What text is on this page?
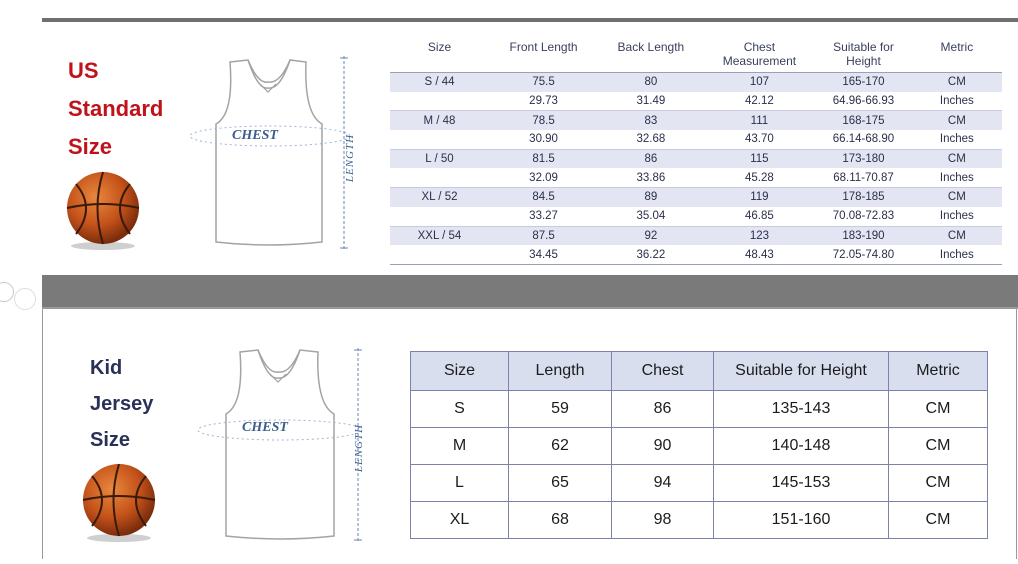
US
Standard
Size	CHEST	LENGTH
Size	Front Length	Back Length	Chest Measurement	Suitable for Height	Metric
S / 44	75.5	80	107	165-170	CM
	29.73	31.49	42.12	64.96-66.93	Inches
M / 48	78.5	83	111	168-175	CM
	30.90	32.68	43.70	66.14-68.90	Inches
L / 50	81.5	86	115	173-180	CM
	32.09	33.86	45.28	68.11-70.87	Inches
XL / 52	84.5	89	119	178-185	CM
	33.27	35.04	46.85	70.08-72.83	Inches
XXL / 54	87.5	92	123	183-190	CM
	34.45	36.22	48.43	72.05-74.80	Inches
Kid
Jersey
Size
CHEST	LENGTH
Size	Length	Chest	Suitable for Height	Metric
S	59	86	135-143	CM
M	62	90	140-148	CM
L	65	94	145-153	CM
XL	68	98	151-160	CM
